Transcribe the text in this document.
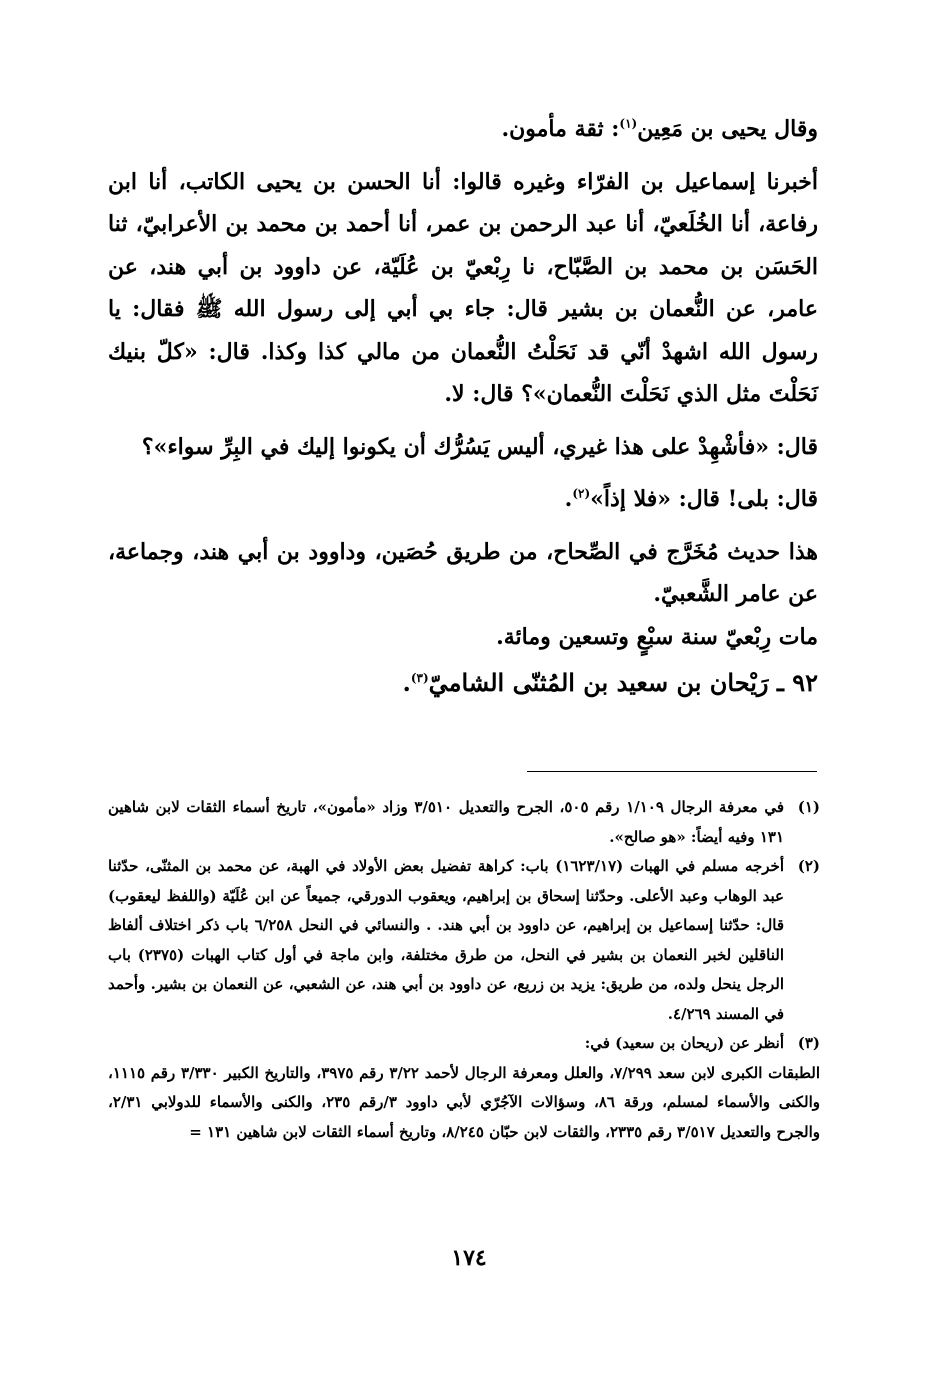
وقال يحيى بن مَعِين$^{(١)}$: ثقة مأمون.

أخبرنا إسماعيل بن الفرّاء وغيره قالوا: أنا الحسن بن يحيى الكاتب، أنا ابن رفاعة، أنا الخُلَعيّ، أنا عبد الرحمن بن عمر، أنا أحمد بن محمد بن الأعرابيّ، ثنا الحَسَن بن محمد بن الصَّبّاح، نا رِبْعيّ بن عُلَيّة، عن داوود بن أبي هند، عن عامر، عن النُّعمان بن بشير قال: جاء بي أبي إلى رسول الله ﷺ فقال: يا رسول الله اشهدْ أنّي قد نَحَلْتُ النُّعمان من مالي كذا وكذا. قال: «كلّ بنيك نَحَلْتَ مثل الذي نَحَلْتَ النُّعمان»؟ قال: لا.

قال: «فأشْهِدْ على هذا غيري، أليس يَسُرُّك أن يكونوا إليك في البِرِّ سواء»؟

قال: بلى! قال: «فلا إذاً»$^{(٢)}$.

هذا حديث مُخَرَّج في الصِّحاح، من طريق حُصَين، وداوود بن أبي هند، وجماعة، عن عامر الشَّعبيّ.

مات رِبْعيّ سنة سبْعٍ وتسعين ومائة.

٩٢ ـ رَيْحان بن سعيد بن المُثنّى الشاميّ$^{(٣)}$.

(١)
في معرفة الرجال ١/١٠٩ رقم ٥٠٥، الجرح والتعديل ٣/٥١٠ وزاد «مأمون»، تاريخ أسماء الثقات لابن شاهين ١٣١ وفيه أيضاً: «هو صالح».
(٢)
أخرجه مسلم في الهبات (١٦٢٣/١٧) باب: كراهة تفضيل بعض الأولاد في الهبة، عن محمد بن المثنّى، حدّثنا عبد الوهاب وعبد الأعلى. وحدّثنا إسحاق بن إبراهيم، ويعقوب الدورقي، جميعاً عن ابن عُلَيّة (واللفظ ليعقوب) قال: حدّثنا إسماعيل بن إبراهيم، عن داوود بن أبي هند. . والنسائي في النحل ٦/٢٥٨ باب ذكر اختلاف ألفاظ الناقلين لخبر النعمان بن بشير في النحل، من طرق مختلفة، وابن ماجة في أول كتاب الهبات (٢٣٧٥) باب الرجل ينحل ولده، من طريق: يزيد بن زريع، عن داوود بن أبي هند، عن الشعبي، عن النعمان بن بشير. وأحمد في المسند ٤/٢٦٩.
(٣)
أنظر عن (ريحان بن سعيد) في:
الطبقات الكبرى لابن سعد ٧/٢٩٩، والعلل ومعرفة الرجال لأحمد ٣/٢٢ رقم ٣٩٧٥، والتاريخ الكبير ٣/٣٣٠ رقم ١١١٥، والكنى والأسماء لمسلم، ورقة ٨٦، وسؤالات الآجُرّي لأبي داوود ٣/رقم ٢٣٥، والكنى والأسماء للدولابي ٢/٣١، والجرح والتعديل ٣/٥١٧ رقم ٢٣٣٥، والثقات لابن حبّان ٨/٢٤٥، وتاريخ أسماء الثقات لابن شاهين ١٣١ =
١٧٤
